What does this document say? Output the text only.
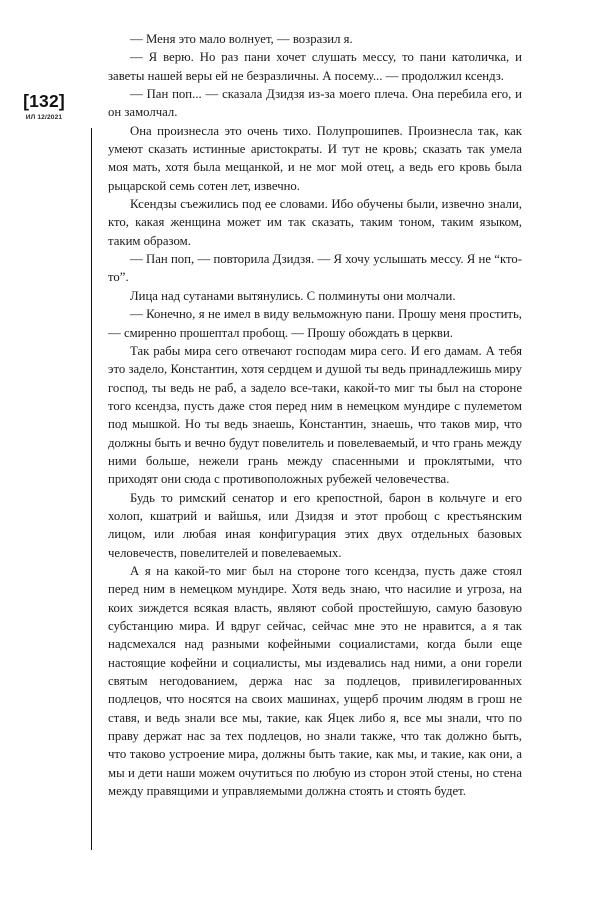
[132]
ИЛ 12/2021

— Меня это мало волнует, — возразил я.

— Я верю. Но раз пани хочет слушать мессу, то пани католичка, и заветы нашей веры ей не безразличны. А посему... — продолжил ксендз.

— Пан поп... — сказала Дзидзя из-за моего плеча. Она перебила его, и он замолчал.

Она произнесла это очень тихо. Полупрошипев. Произнесла так, как умеют сказать истинные аристократы. И тут не кровь; сказать так умела моя мать, хотя была мещанкой, и не мог мой отец, а ведь его кровь была рыцарской семь сотен лет, извечно.

Ксендзы съежились под ее словами. Ибо обучены были, извечно знали, кто, какая женщина может им так сказать, таким тоном, таким языком, таким образом.

— Пан поп, — повторила Дзидзя. — Я хочу услышать мессу. Я не “кто-то”.

Лица над сутанами вытянулись. С полминуты они молчали.

— Конечно, я не имел в виду вельможную пани. Прошу меня простить, — смиренно прошептал пробощ. — Прошу обождать в церкви.

Так рабы мира сего отвечают господам мира сего. И его дамам. А тебя это задело, Константин, хотя сердцем и душой ты ведь принадлежишь миру господ, ты ведь не раб, а задело все-таки, какой-то миг ты был на стороне того ксендза, пусть даже стоя перед ним в немецком мундире с пулеметом под мышкой. Но ты ведь знаешь, Константин, знаешь, что таков мир, что должны быть и вечно будут повелитель и повелеваемый, и что грань между ними больше, нежели грань между спасенными и проклятыми, что приходят они сюда с противоположных рубежей человечества.

Будь то римский сенатор и его крепостной, барон в кольчуге и его холоп, кшатрий и вайшья, или Дзидзя и этот пробощ с крестьянским лицом, или любая иная конфигурация этих двух отдельных базовых человечеств, повелителей и повелеваемых.

А я на какой-то миг был на стороне того ксендза, пусть даже стоял перед ним в немецком мундире. Хотя ведь знаю, что насилие и угроза, на коих зиждется всякая власть, являют собой простейшую, самую базовую субстанцию мира. И вдруг сейчас, сейчас мне это не нравится, а я так надсмехался над разными кофейными социалистами, когда были еще настоящие кофейни и социалисты, мы издевались над ними, а они горели святым негодованием, держа нас за подлецов, привилегированных подлецов, что носятся на своих машинах, ущерб прочим людям в грош не ставя, и ведь знали все мы, такие, как Яцек либо я, все мы знали, что по праву держат нас за тех подлецов, но знали также, что так должно быть, что таково устроение мира, должны быть такие, как мы, и такие, как они, а мы и дети наши можем очутиться по любую из сторон этой стены, но стена между правящими и управляемыми должна стоять и стоять будет.
